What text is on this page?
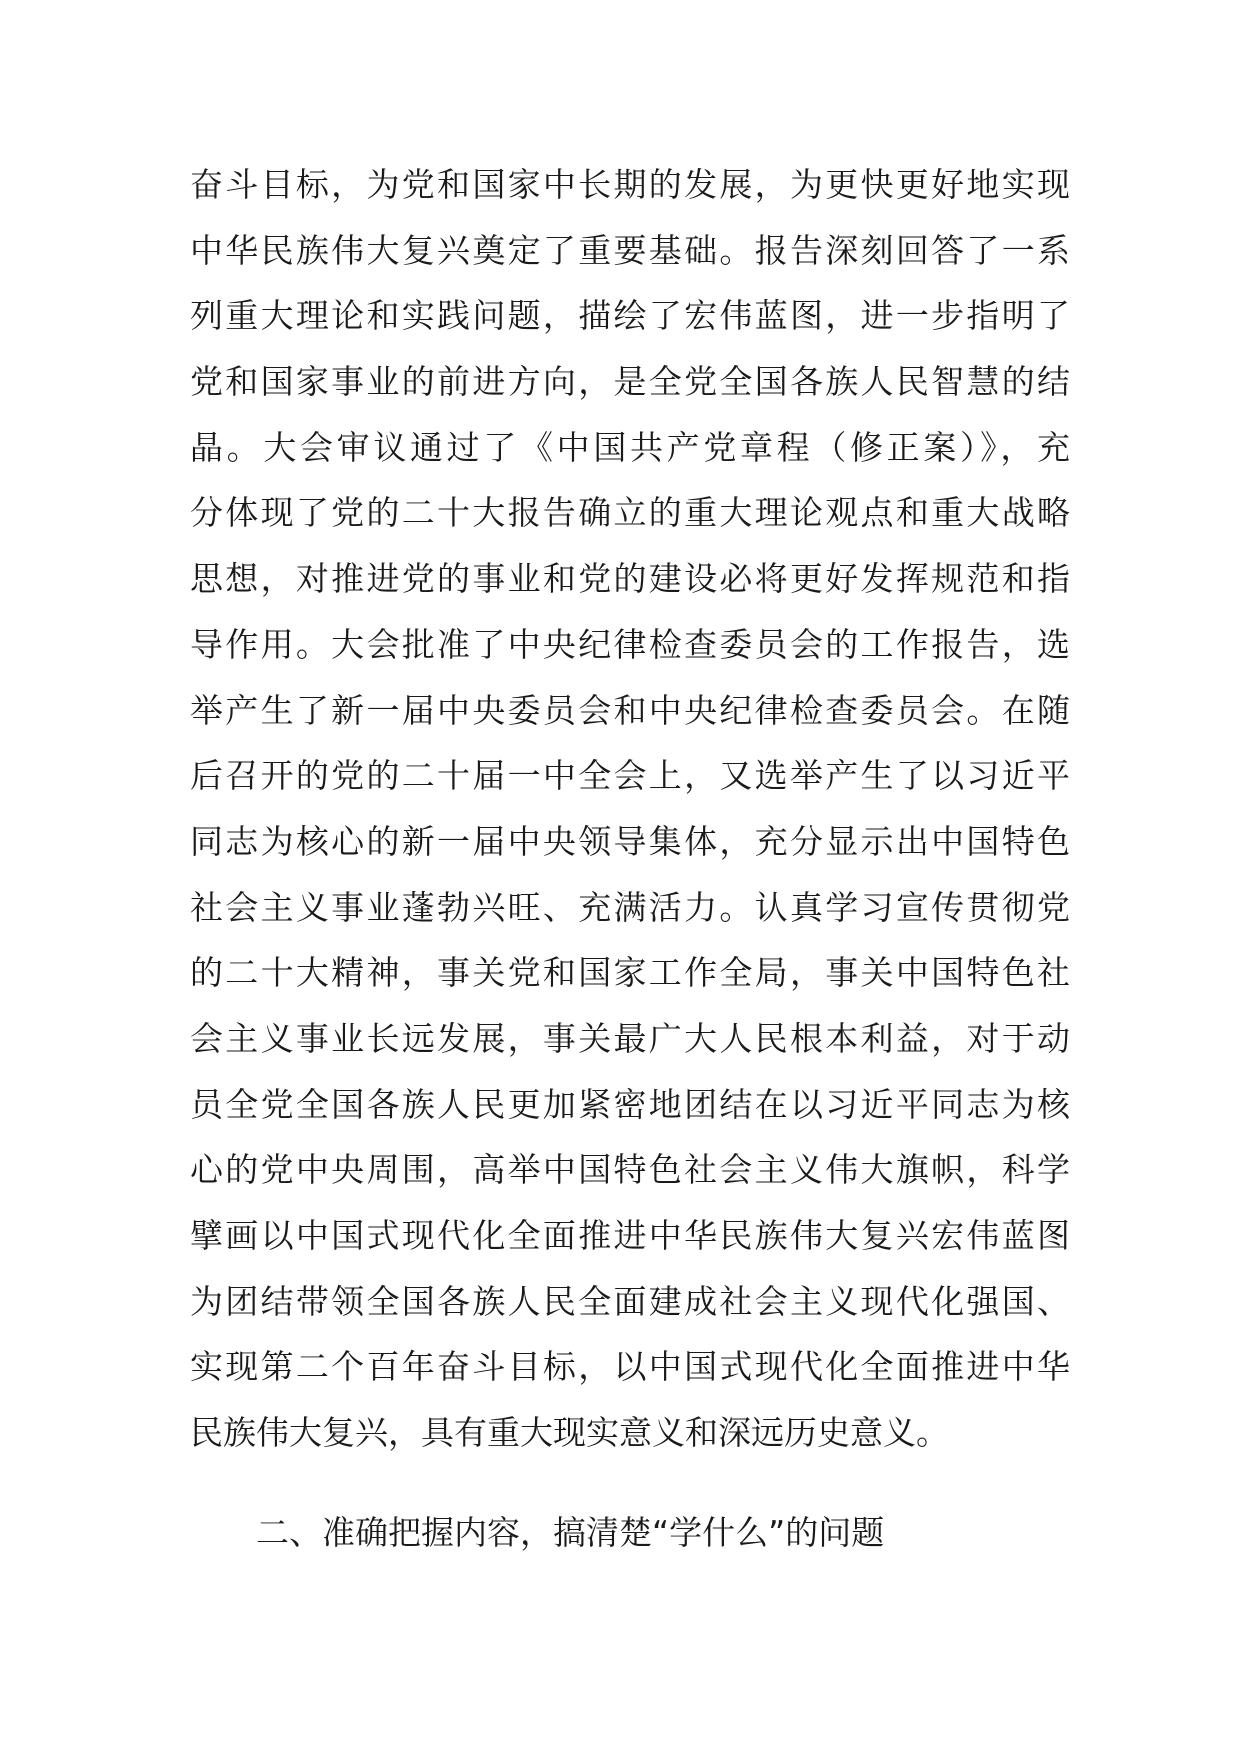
奋斗目标，为党和国家中长期的发展，为更快更好地实现
中华民族伟大复兴奠定了重要基础。报告深刻回答了一系
列重大理论和实践问题，描绘了宏伟蓝图，进一步指明了
党和国家事业的前进方向，是全党全国各族人民智慧的结
晶。大会审议通过了《中国共产党章程（修正案）》，充
分体现了党的二十大报告确立的重大理论观点和重大战略
思想，对推进党的事业和党的建设必将更好发挥规范和指
导作用。大会批准了中央纪律检查委员会的工作报告，选
举产生了新一届中央委员会和中央纪律检查委员会。在随
后召开的党的二十届一中全会上，又选举产生了以习近平
同志为核心的新一届中央领导集体，充分显示出中国特色
社会主义事业蓬勃兴旺、充满活力。认真学习宣传贯彻党
的二十大精神，事关党和国家工作全局，事关中国特色社
会主义事业长远发展，事关最广大人民根本利益，对于动
员全党全国各族人民更加紧密地团结在以习近平同志为核
心的党中央周围，高举中国特色社会主义伟大旗帜，科学
擘画以中国式现代化全面推进中华民族伟大复兴宏伟蓝图
为团结带领全国各族人民全面建成社会主义现代化强国、
实现第二个百年奋斗目标，以中国式现代化全面推进中华
民族伟大复兴，具有重大现实意义和深远历史意义。
二、准确把握内容，搞清楚“学什么”的问题
